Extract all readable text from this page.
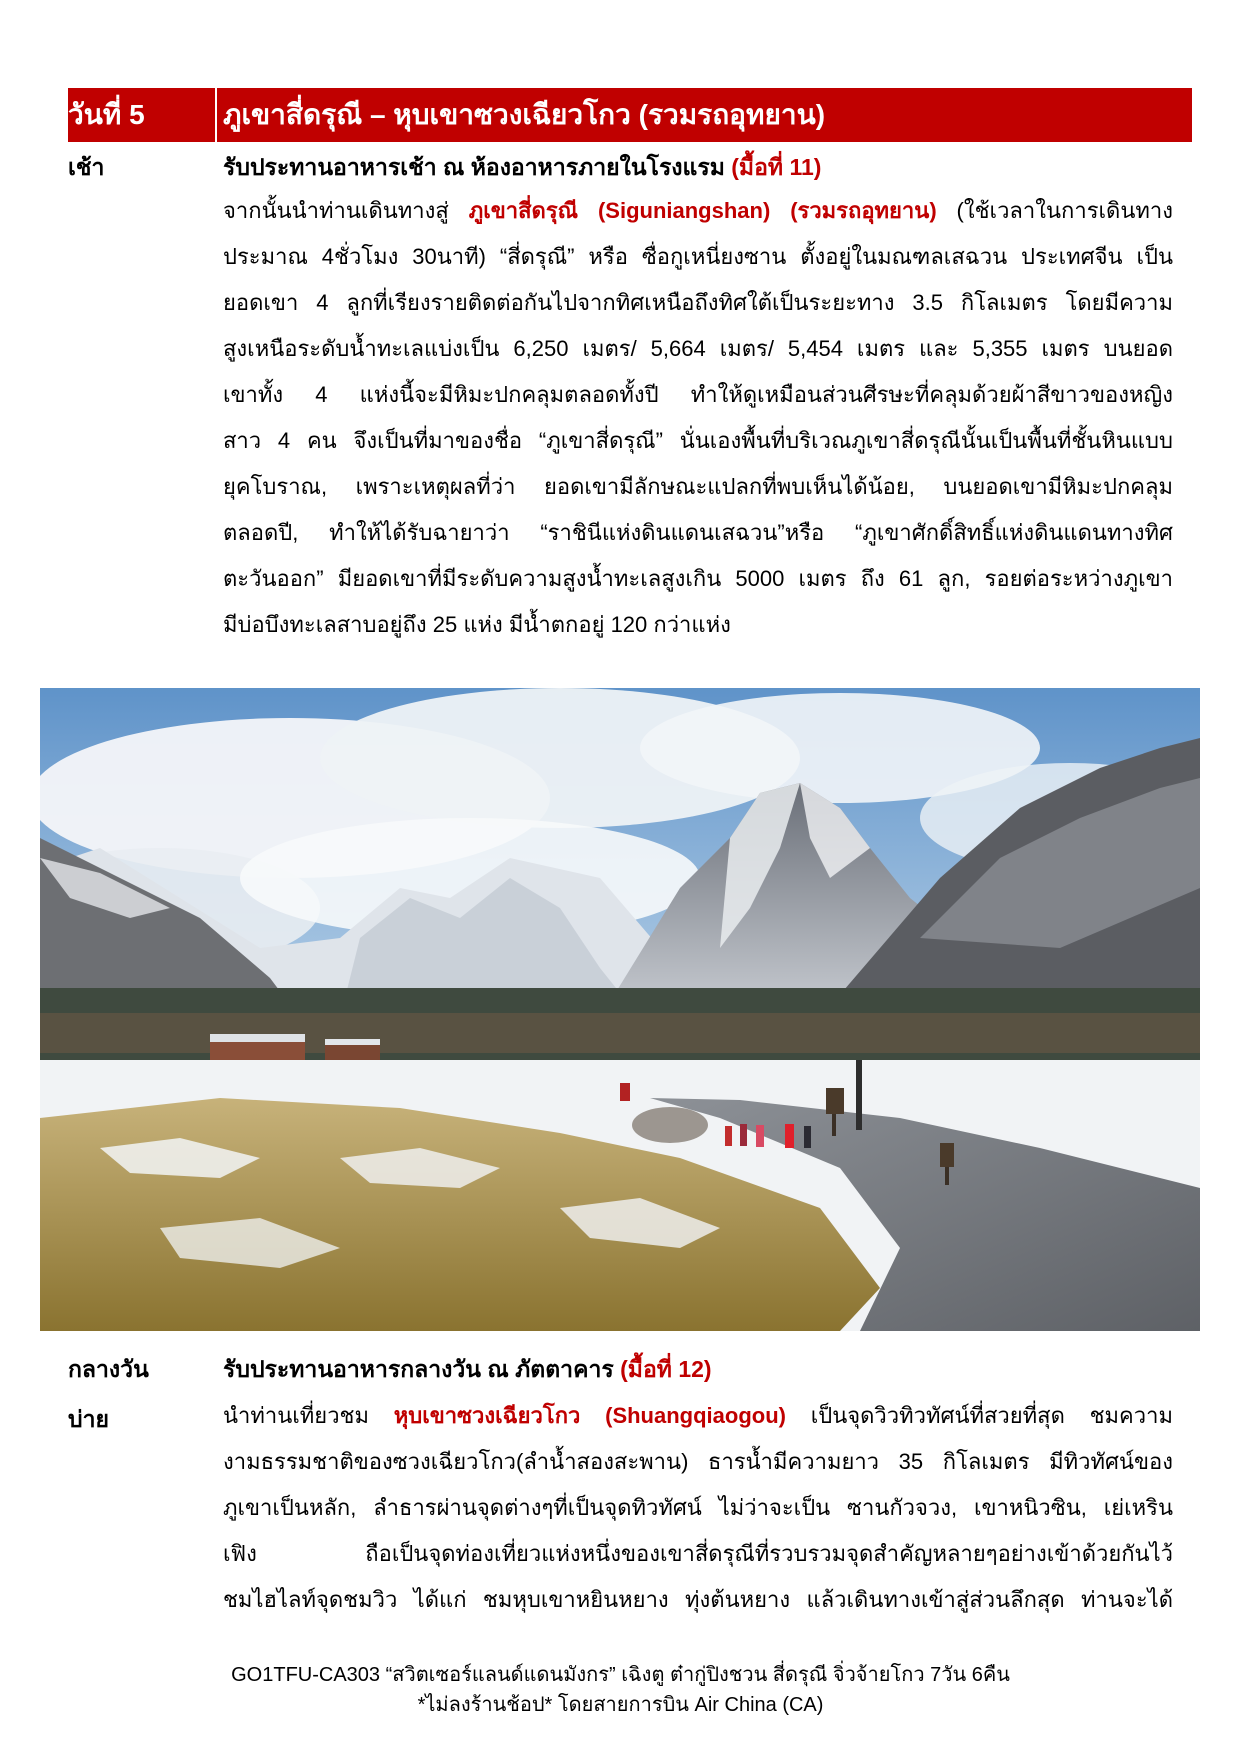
วันที่ 5	ภูเขาสี่ดรุณี – หุบเขาซวงเฉียวโกว (รวมรถอุทยาน)
เช้า	รับประทานอาหารเช้า ณ ห้องอาหารภายในโรงแรม (มื้อที่ 11)
จากนั้นนำท่านเดินทางสู่ ภูเขาสี่ดรุณี (Siguniangshan) (รวมรถอุทยาน) (ใช้เวลาในการเดินทาง
ประมาณ 4ชั่วโมง 30นาที) “สี่ดรุณี” หรือ ซื่อกูเหนี่ยงซาน ตั้งอยู่ในมณฑลเสฉวน ประเทศจีน เป็น
ยอดเขา 4 ลูกที่เรียงรายติดต่อกันไปจากทิศเหนือถึงทิศใต้เป็นระยะทาง 3.5 กิโลเมตร โดยมีความ
สูงเหนือระดับน้ำทะเลแบ่งเป็น 6,250 เมตร/ 5,664 เมตร/ 5,454 เมตร และ 5,355 เมตร บนยอด
เขาทั้ง 4 แห่งนี้จะมีหิมะปกคลุมตลอดทั้งปี ทำให้ดูเหมือนส่วนศีรษะที่คลุมด้วยผ้าสีขาวของหญิง
สาว 4 คน จึงเป็นที่มาของชื่อ “ภูเขาสี่ดรุณี” นั่นเองพื้นที่บริเวณภูเขาสี่ดรุณีนั้นเป็นพื้นที่ชั้นหินแบบ
ยุคโบราณ, เพราะเหตุผลที่ว่า ยอดเขามีลักษณะแปลกที่พบเห็นได้น้อย, บนยอดเขามีหิมะปกคลุม
ตลอดปี, ทำให้ได้รับฉายาว่า “ราชินีแห่งดินแดนเสฉวน”หรือ “ภูเขาศักดิ์สิทธิ์แห่งดินแดนทางทิศ
ตะวันออก” มียอดเขาที่มีระดับความสูงน้ำทะเลสูงเกิน 5000 เมตร ถึง 61 ลูก, รอยต่อระหว่างภูเขา
มีบ่อบึงทะเลสาบอยู่ถึง 25 แห่ง มีน้ำตกอยู่ 120 กว่าแห่ง
กลางวัน	รับประทานอาหารกลางวัน ณ ภัตตาคาร (มื้อที่ 12)
บ่าย	นำท่านเที่ยวชม หุบเขาซวงเฉียวโกว (Shuangqiaogou) เป็นจุดวิวทิวทัศน์ที่สวยที่สุด ชมความ
งามธรรมชาติของซวงเฉียวโกว(ลำน้ำสองสะพาน) ธารน้ำมีความยาว 35 กิโลเมตร มีทิวทัศน์ของ
ภูเขาเป็นหลัก, ลำธารผ่านจุดต่างๆที่เป็นจุดทิวทัศน์ ไม่ว่าจะเป็น ซานกัวจวง, เขาหนิวซิน, เย่เหริน
เฟิง ถือเป็นจุดท่องเที่ยวแห่งหนึ่งของเขาสี่ดรุณีที่รวบรวมจุดสำคัญหลายๆอย่างเข้าด้วยกันไว้
ชมไฮไลท์จุดชมวิว ได้แก่ ชมหุบเขาหยินหยาง ทุ่งต้นหยาง แล้วเดินทางเข้าสู่ส่วนลึกสุด ท่านจะได้
GO1TFU-CA303 “สวิตเซอร์แลนด์แดนมังกร” เฉิงตู ต๋ากู่ปิงชวน สี่ดรุณี จิ่วจ้ายโกว 7วัน 6คืน
*ไม่ลงร้านช้อป* โดยสายการบิน Air China (CA)
